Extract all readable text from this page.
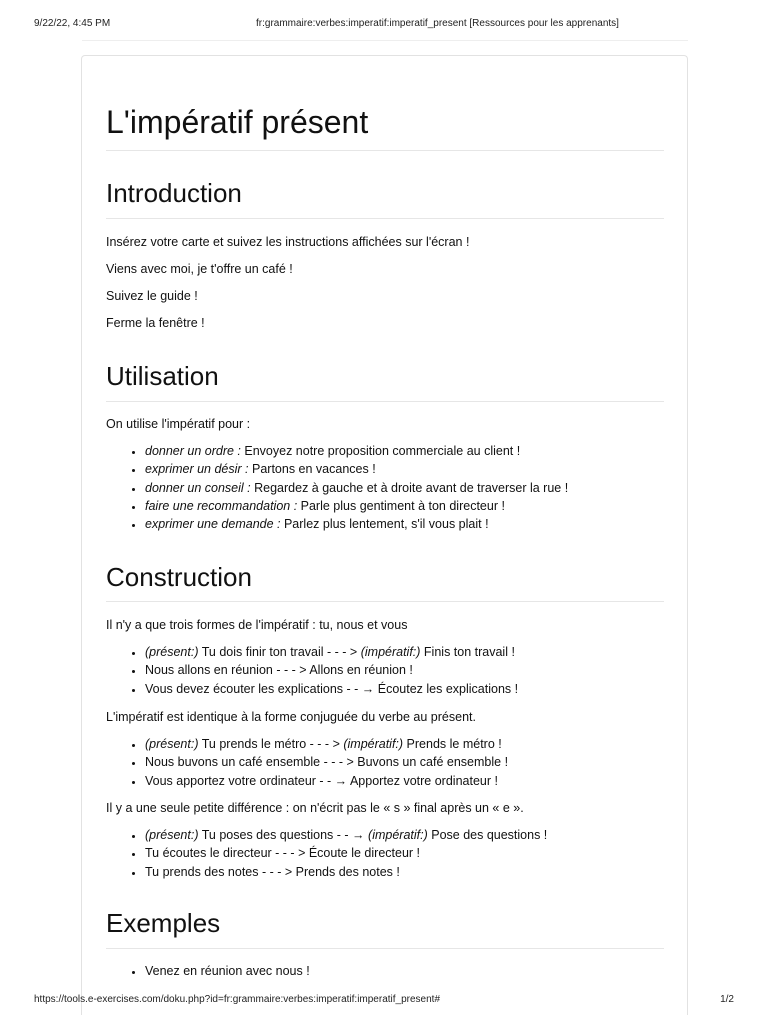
9/22/22, 4:45 PM	fr:grammaire:verbes:imperatif:imperatif_present [Ressources pour les apprenants]
L'impératif présent
Introduction

Insérez votre carte et suivez les instructions affichées sur l'écran !

Viens avec moi, je t'offre un café !

Suivez le guide !

Ferme la fenêtre !

Utilisation

On utilise l'impératif pour :

• donner un ordre : Envoyez notre proposition commerciale au client !
• exprimer un désir : Partons en vacances !
• donner un conseil : Regardez à gauche et à droite avant de traverser la rue !
• faire une recommandation : Parle plus gentiment à ton directeur !
• exprimer une demande : Parlez plus lentement, s'il vous plait !
Construction

Il n'y a que trois formes de l'impératif : tu, nous et vous

• (présent:) Tu dois finir ton travail - - - > (impératif:) Finis ton travail !
• Nous allons en réunion - - - > Allons en réunion !
• Vous devez écouter les explications - - → Écoutez les explications !

L'impératif est identique à la forme conjuguée du verbe au présent.

• (présent:) Tu prends le métro - - - > (impératif:) Prends le métro !
• Nous buvons un café ensemble - - - > Buvons un café ensemble !
• Vous apportez votre ordinateur - - → Apportez votre ordinateur !

Il y a une seule petite différence : on n'écrit pas le « s » final après un « e ».

• (présent:) Tu poses des questions - - → (impératif:) Pose des questions !
• Tu écoutes le directeur - - - > Écoute le directeur !
• Tu prends des notes - - - > Prends des notes !
Exemples
• Venez en réunion avec nous !
https://tools.e-exercises.com/doku.php?id=fr:grammaire:verbes:imperatif:imperatif_present#	1/2
